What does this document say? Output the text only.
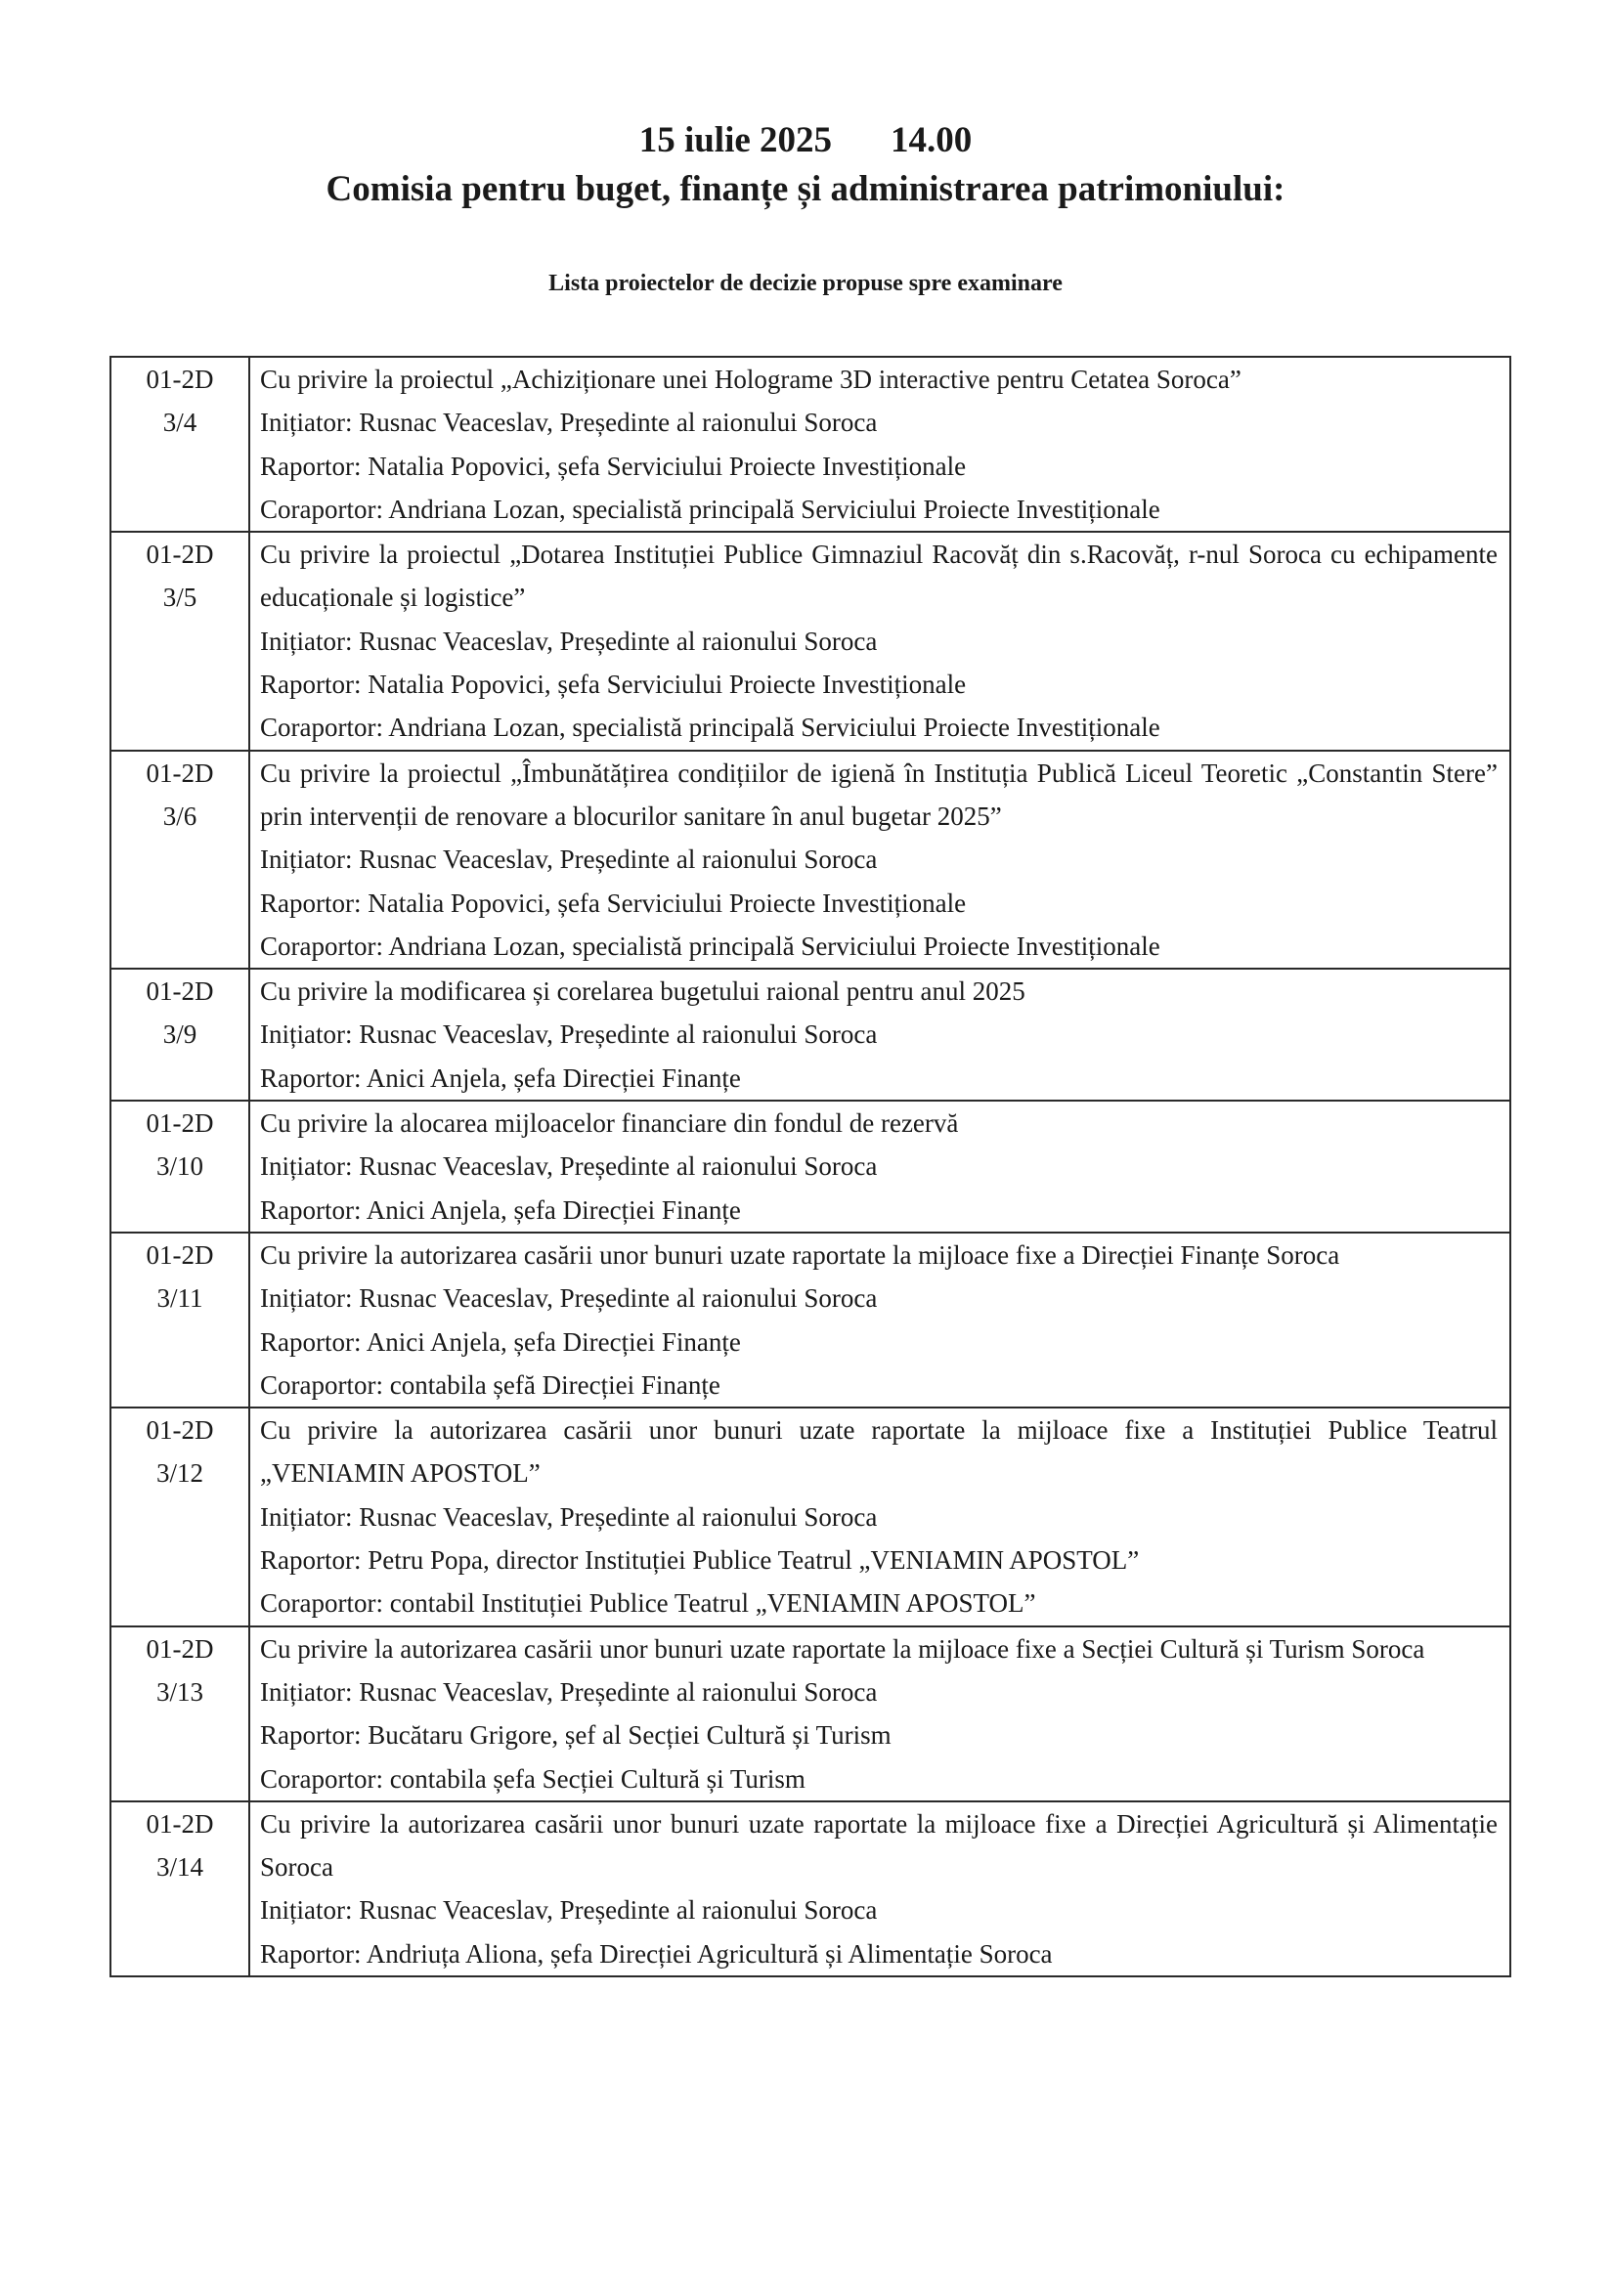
15 iulie 2025 14.00
Comisia pentru buget, finanțe și administrarea patrimoniului:
Lista proiectelor de decizie propuse spre examinare
01-2D
3/4	Cu privire la proiectul „Achiziționare unei Holograme 3D interactive pentru Cetatea Soroca”
Inițiator: Rusnac Veaceslav, Președinte al raionului Soroca
Raportor: Natalia Popovici, șefa Serviciului Proiecte Investiționale
Coraportor: Andriana Lozan, specialistă principală Serviciului Proiecte Investiționale

01-2D
3/5	Cu privire la proiectul „Dotarea Instituției Publice Gimnaziul Racovăț din s.Racovăț, r-nul Soroca cu echipamente educaționale și logistice”
Inițiator: Rusnac Veaceslav, Președinte al raionului Soroca
Raportor: Natalia Popovici, șefa Serviciului Proiecte Investiționale
Coraportor: Andriana Lozan, specialistă principală Serviciului Proiecte Investiționale

01-2D
3/6	Cu privire la proiectul „Îmbunătățirea condițiilor de igienă în Instituția Publică Liceul Teoretic „Constantin Stere” prin intervenții de renovare a blocurilor sanitare în anul bugetar 2025”
Inițiator: Rusnac Veaceslav, Președinte al raionului Soroca
Raportor: Natalia Popovici, șefa Serviciului Proiecte Investiționale
Coraportor: Andriana Lozan, specialistă principală Serviciului Proiecte Investiționale

01-2D
3/9	Cu privire la modificarea și corelarea bugetului raional pentru anul 2025
Inițiator: Rusnac Veaceslav, Președinte al raionului Soroca
Raportor: Anici Anjela, șefa Direcției Finanțe

01-2D
3/10	Cu privire la alocarea mijloacelor financiare din fondul de rezervă
Inițiator: Rusnac Veaceslav, Președinte al raionului Soroca
Raportor: Anici Anjela, șefa Direcției Finanțe

01-2D
3/11	Cu privire la autorizarea casării unor bunuri uzate raportate la mijloace fixe a Direcției Finanțe Soroca
Inițiator: Rusnac Veaceslav, Președinte al raionului Soroca
Raportor: Anici Anjela, șefa Direcției Finanțe
Coraportor: contabila șefă Direcției Finanțe

01-2D
3/12	Cu privire la autorizarea casării unor bunuri uzate raportate la mijloace fixe a Instituției Publice Teatrul „VENIAMIN APOSTOL”
Inițiator: Rusnac Veaceslav, Președinte al raionului Soroca
Raportor: Petru Popa, director Instituției Publice Teatrul „VENIAMIN APOSTOL”
Coraportor: contabil Instituției Publice Teatrul „VENIAMIN APOSTOL”

01-2D
3/13	Cu privire la autorizarea casării unor bunuri uzate raportate la mijloace fixe a Secției Cultură și Turism Soroca
Inițiator: Rusnac Veaceslav, Președinte al raionului Soroca
Raportor: Bucătaru Grigore, șef al Secției Cultură și Turism
Coraportor: contabila șefa Secției Cultură și Turism

01-2D
3/14	Cu privire la autorizarea casării unor bunuri uzate raportate la mijloace fixe a Direcției Agricultură și Alimentație Soroca
Inițiator: Rusnac Veaceslav, Președinte al raionului Soroca
Raportor: Andriuța Aliona, șefa Direcției Agricultură și Alimentație Soroca
